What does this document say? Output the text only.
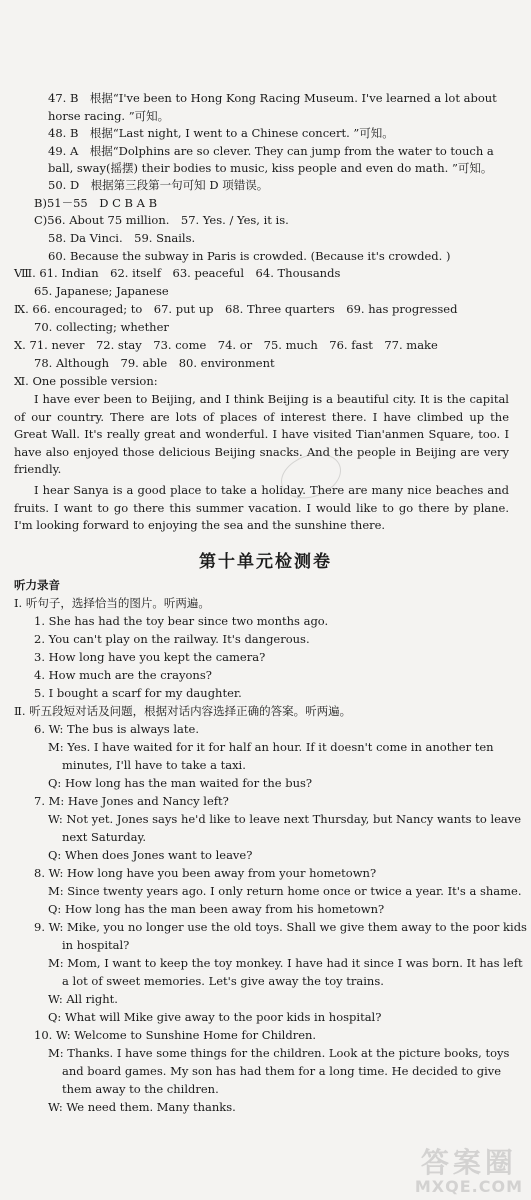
47. B　根据“I've been to Hong Kong Racing Museum. I've learned a lot about
horse racing. ”可知。
48. B　根据“Last night, I went to a Chinese concert. ”可知。
49. A　根据“Dolphins are so clever. They can jump from the water to touch a
ball, sway(摇摆) their bodies to music, kiss people and even do math. ”可知。
50. D　根据第三段第一句可知 D 项错误。
B)51－55　D C B A B
C)56. About 75 million.　57. Yes. / Yes, it is.
58. Da Vinci.　59. Snails.
60. Because the subway in Paris is crowded. (Because it's crowded. )
Ⅷ. 61. Indian　62. itself　63. peaceful　64. Thousands
65. Japanese; Japanese
Ⅸ. 66. encouraged; to　67. put up　68. Three quarters　69. has progressed
70. collecting; whether
Ⅹ. 71. never　72. stay　73. come　74. or　75. much　76. fast　77. make
78. Although　79. able　80. environment
Ⅺ. One possible version:
I have ever been to Beijing, and I think Beijing is a beautiful city. It is the capital of our country. There are lots of places of interest there. I have climbed up the Great Wall. It's really great and wonderful. I have visited Tian'anmen Square, too. I have also enjoyed those delicious Beijing snacks. And the people in Beijing are very friendly.
I hear Sanya is a good place to take a holiday. There are many nice beaches and fruits. I want to go there this summer vacation. I would like to go there by plane. I'm looking forward to enjoying the sea and the sunshine there.
第十单元检测卷
听力录音
Ⅰ. 听句子，选择恰当的图片。听两遍。
1. She has had the toy bear since two months ago.
2. You can't play on the railway. It's dangerous.
3. How long have you kept the camera?
4. How much are the crayons?
5. I bought a scarf for my daughter.
Ⅱ. 听五段短对话及问题，根据对话内容选择正确的答案。听两遍。
6. W: The bus is always late.
M: Yes. I have waited for it for half an hour. If it doesn't come in another ten
minutes, I'll have to take a taxi.
Q: How long has the man waited for the bus?
7. M: Have Jones and Nancy left?
W: Not yet. Jones says he'd like to leave next Thursday, but Nancy wants to leave
next Saturday.
Q: When does Jones want to leave?
8. W: How long have you been away from your hometown?
M: Since twenty years ago. I only return home once or twice a year. It's a shame.
Q: How long has the man been away from his hometown?
9. W: Mike, you no longer use the old toys. Shall we give them away to the poor kids
in hospital?
M: Mom, I want to keep the toy monkey. I have had it since I was born. It has left
a lot of sweet memories. Let's give away the toy trains.
W: All right.
Q: What will Mike give away to the poor kids in hospital?
10. W: Welcome to Sunshine Home for Children.
M: Thanks. I have some things for the children. Look at the picture books, toys
and board games. My son has had them for a long time. He decided to give
them away to the children.
W: We need them. Many thanks.
答案圈
MXQE.COM
